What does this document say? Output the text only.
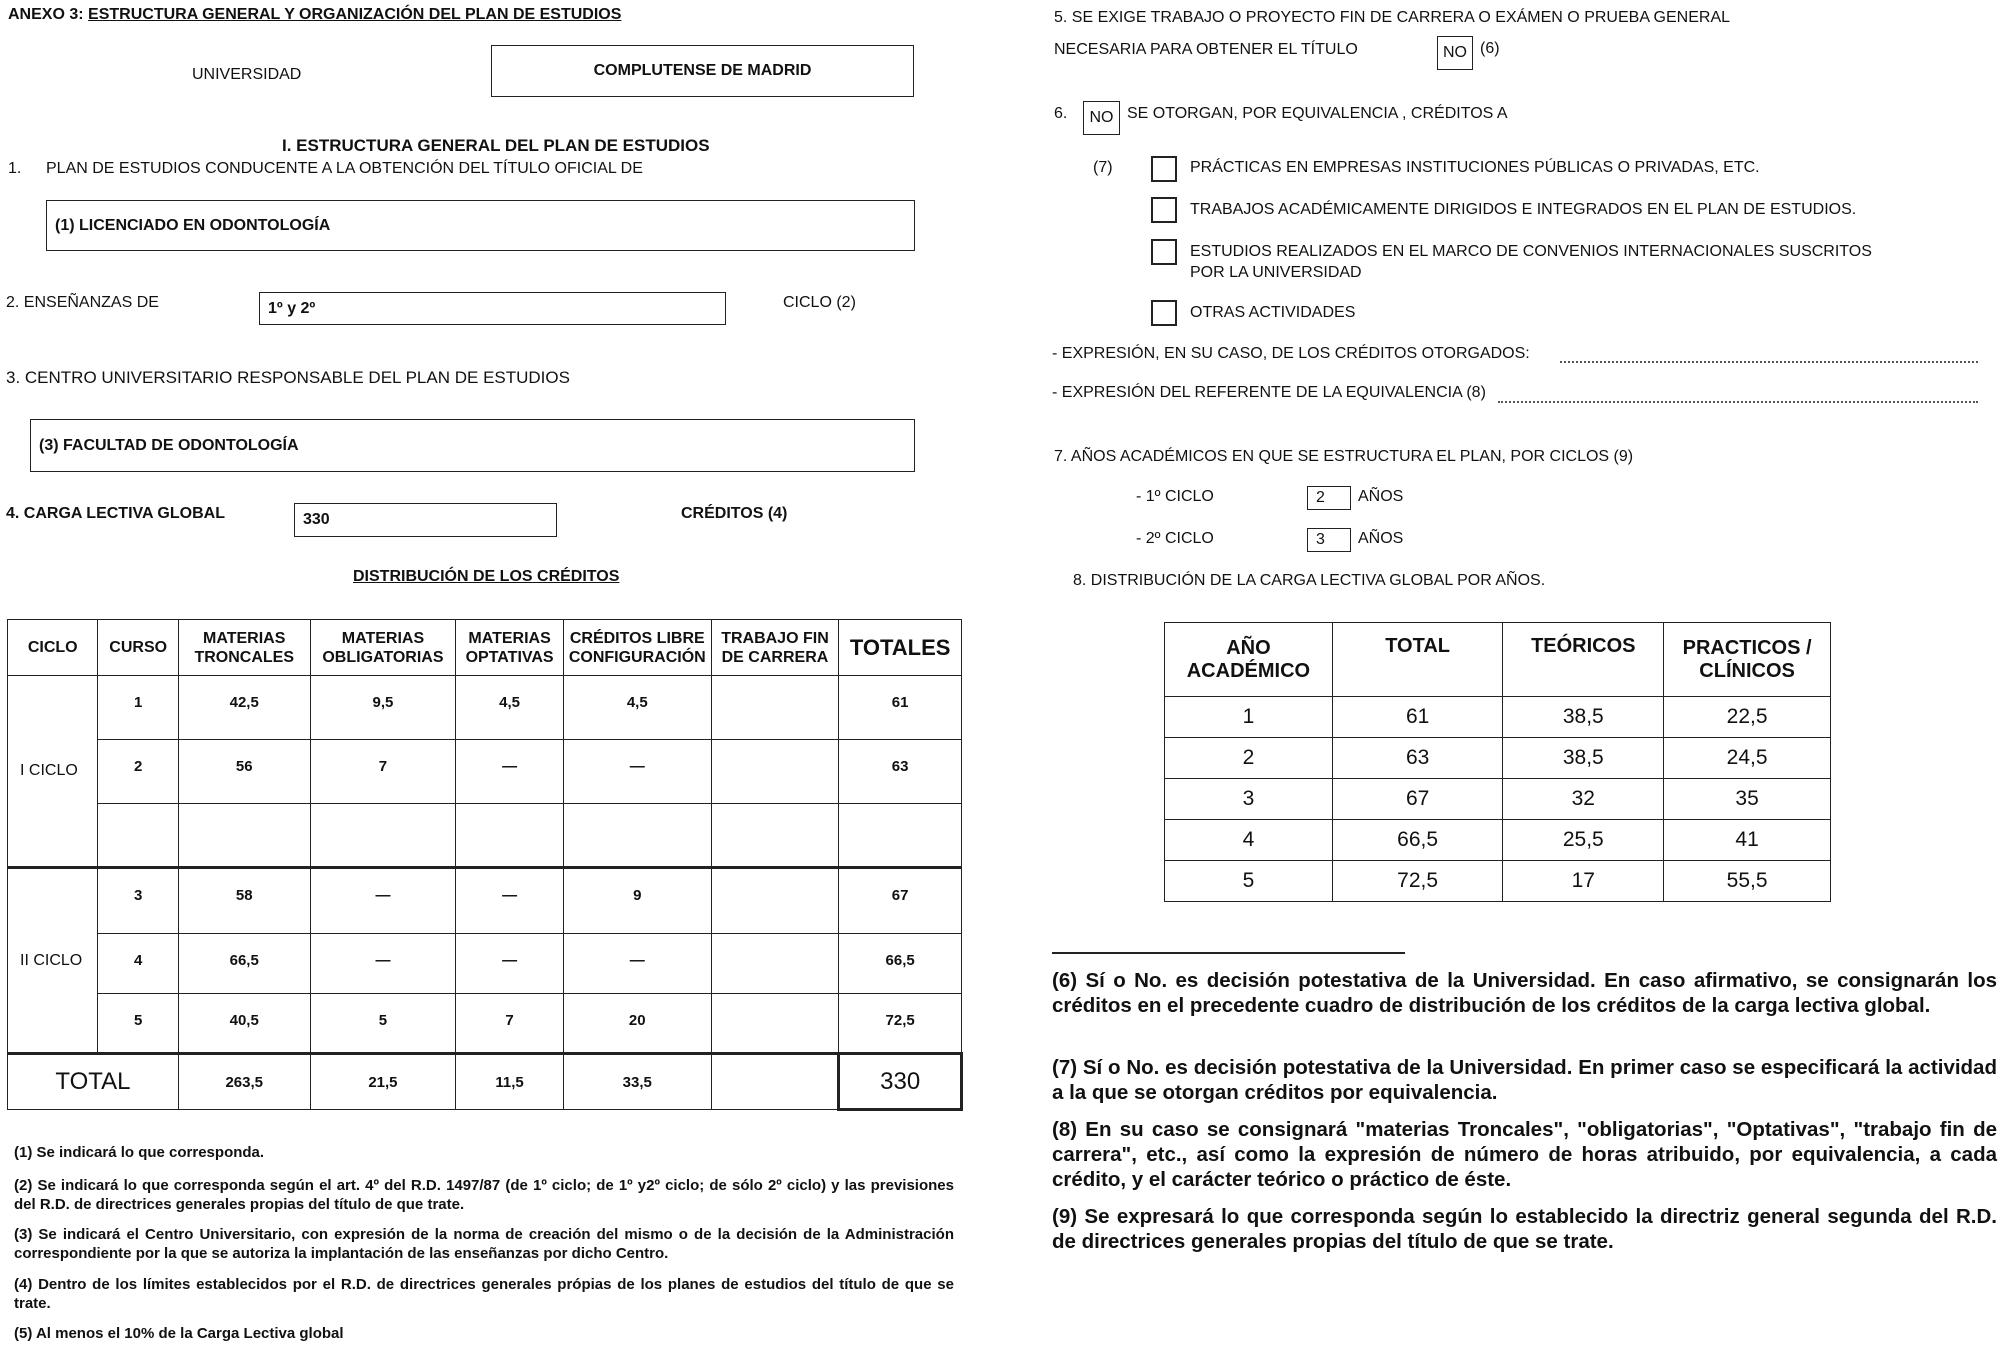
ANEXO 3: ESTRUCTURA GENERAL Y ORGANIZACIÓN DEL PLAN DE ESTUDIOS
UNIVERSIDAD	COMPLUTENSE DE MADRID
I. ESTRUCTURA GENERAL DEL PLAN DE ESTUDIOS
1. PLAN DE ESTUDIOS CONDUCENTE A LA OBTENCIÓN DEL TÍTULO OFICIAL DE
(1) LICENCIADO EN ODONTOLOGÍA
2. ENSEÑANZAS DE	1º y 2º	CICLO (2)
3. CENTRO UNIVERSITARIO RESPONSABLE DEL PLAN DE ESTUDIOS
(3) FACULTAD DE ODONTOLOGÍA
4. CARGA LECTIVA GLOBAL	330	CRÉDITOS (4)
DISTRIBUCIÓN DE LOS CRÉDITOS
CICLO	CURSO	MATERIAS TRONCALES	MATERIAS OBLIGATORIAS	MATERIAS OPTATIVAS	CRÉDITOS LIBRE CONFIGURACIÓN	TRABAJO FIN DE CARRERA	TOTALES
I CICLO	1	42,5	9,5	4,5	4,5		61
	2	56	7	—	—		63

II CICLO	3	58	—	—	9		67
	4	66,5	—	—	—		66,5
	5	40,5	5	7	20		72,5
TOTAL		263,5	21,5	11,5	33,5		330
(1) Se indicará lo que corresponda.
(2) Se indicará lo que corresponda según el art. 4º del R.D. 1497/87 (de 1º ciclo; de 1º y2º ciclo; de sólo 2º ciclo) y las previsiones del R.D. de directrices generales propias del título de que trate.
(3) Se indicará el Centro Universitario, con expresión de la norma de creación del mismo o de la decisión de la Administración correspondiente por la que se autoriza la implantación de las enseñanzas por dicho Centro.
(4) Dentro de los límites establecidos por el R.D. de directrices generales própias de los planes de estudios del título de que se trate.
(5) Al menos el 10% de la Carga Lectiva global
5. SE EXIGE TRABAJO O PROYECTO FIN DE CARRERA O EXÁMEN O PRUEBA GENERAL
NECESARIA PARA OBTENER EL TÍTULO	NO (6)
6. NO SE OTORGAN, POR EQUIVALENCIA , CRÉDITOS A
(7)	PRÁCTICAS EN EMPRESAS INSTITUCIONES PÚBLICAS O PRIVADAS, ETC.
TRABAJOS ACADÉMICAMENTE DIRIGIDOS E INTEGRADOS EN EL PLAN DE ESTUDIOS.
ESTUDIOS REALIZADOS EN EL MARCO DE CONVENIOS INTERNACIONALES SUSCRITOS
POR LA UNIVERSIDAD
OTRAS ACTIVIDADES
- EXPRESIÓN, EN SU CASO, DE LOS CRÉDITOS OTORGADOS:
- EXPRESIÓN DEL REFERENTE DE LA EQUIVALENCIA (8)
7. AÑOS ACADÉMICOS EN QUE SE ESTRUCTURA EL PLAN, POR CICLOS (9)
- 1º CICLO	2 AÑOS
- 2º CICLO	3 AÑOS
8. DISTRIBUCIÓN DE LA CARGA LECTIVA GLOBAL POR AÑOS.
AÑO ACADÉMICO	TOTAL	TEÓRICOS	PRACTICOS / CLÍNICOS
1	61	38,5	22,5
2	63	38,5	24,5
3	67	32	35
4	66,5	25,5	41
5	72,5	17	55,5
(6) Sí o No. es decisión potestativa de la Universidad. En caso afirmativo, se consignarán los créditos en el precedente cuadro de distribución de los créditos de la carga lectiva global.
(7) Sí o No. es decisión potestativa de la Universidad. En primer caso se especificará la actividad a la que se otorgan créditos por equivalencia.
(8) En su caso se consignará "materias Troncales", "obligatorias", "Optativas", "trabajo fin de carrera", etc., así como la expresión de número de horas atribuido, por equivalencia, a cada crédito, y el carácter teórico o práctico de éste.
(9) Se expresará lo que corresponda según lo establecido la directriz general segunda del R.D. de directrices generales propias del título de que se trate.
